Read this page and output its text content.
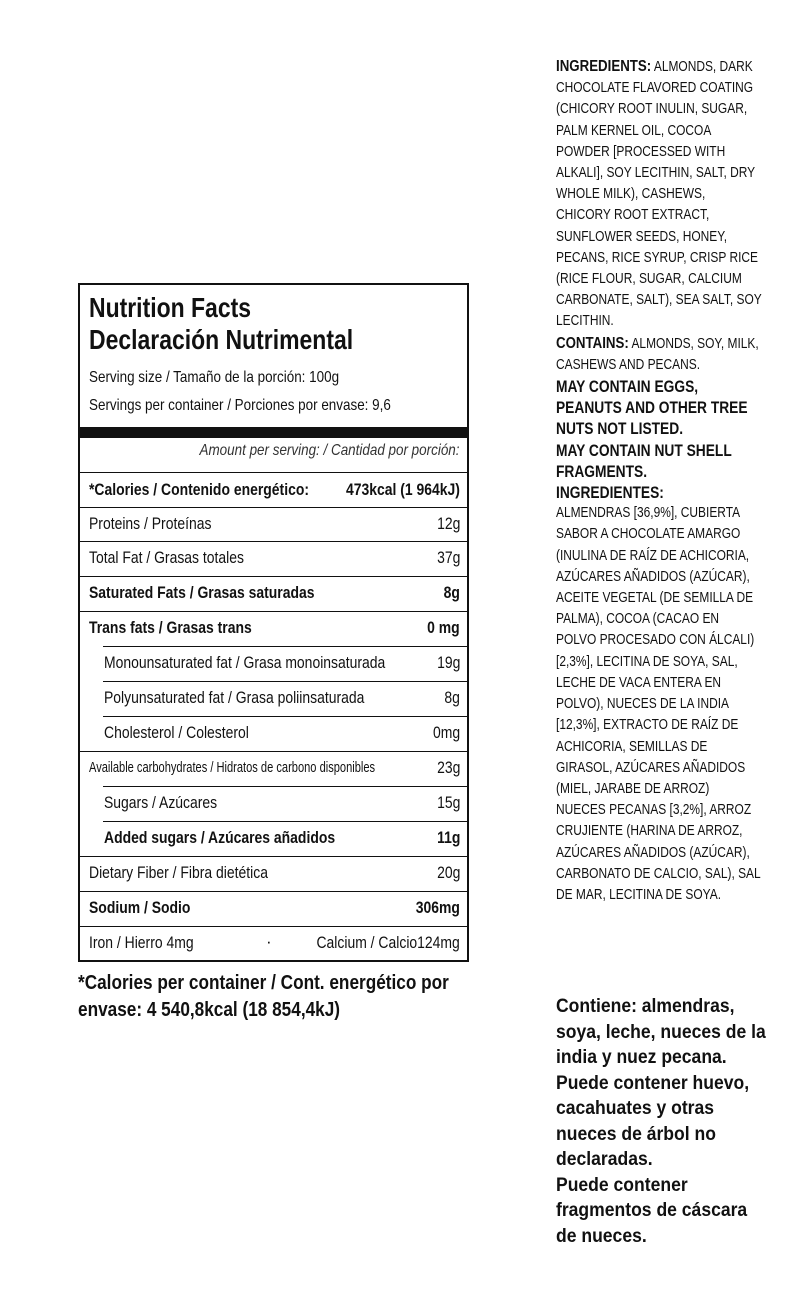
Nutrition Facts
Declaración Nutrimental
Serving size / Tamaño de la porción: 100g
Servings per container / Porciones por envase: 9,6
Amount per serving: / Cantidad por porción:
*Calories / Contenido energético: 473kcal (1 964kJ)
Proteins / Proteínas	12g
Total Fat / Grasas totales	37g
Saturated Fats / Grasas saturadas	8g
Trans fats / Grasas trans	0 mg
Monounsaturated fat / Grasa monoinsaturada	19g
Polyunsaturated fat / Grasa poliinsaturada	8g
Cholesterol / Colesterol	0mg
Available carbohydrates / Hidratos de carbono disponibles	23g
Sugars / Azúcares	15g
Added sugars / Azúcares añadidos	11g
Dietary Fiber / Fibra dietética	20g
Sodium / Sodio	306mg
Iron / Hierro 4mg	·	Calcium / Calcio124mg
*Calories per container / Cont. energético por envase: 4 540,8kcal (18 854,4kJ)
INGREDIENTS: ALMONDS, DARK CHOCOLATE FLAVORED COATING (CHICORY ROOT INULIN, SUGAR, PALM KERNEL OIL, COCOA POWDER [PROCESSED WITH ALKALI], SOY LECITHIN, SALT, DRY WHOLE MILK), CASHEWS, CHICORY ROOT EXTRACT, SUNFLOWER SEEDS, HONEY, PECANS, RICE SYRUP, CRISP RICE (RICE FLOUR, SUGAR, CALCIUM CARBONATE, SALT), SEA SALT, SOY LECITHIN.
CONTAINS: ALMONDS, SOY, MILK, CASHEWS AND PECANS.
MAY CONTAIN EGGS, PEANUTS AND OTHER TREE NUTS NOT LISTED.
MAY CONTAIN NUT SHELL FRAGMENTS.
INGREDIENTES:
ALMENDRAS [36,9%], CUBIERTA SABOR A CHOCOLATE AMARGO (INULINA DE RAÍZ DE ACHICORIA, AZÚCARES AÑADIDOS (AZÚCAR), ACEITE VEGETAL (DE SEMILLA DE PALMA), COCOA (CACAO EN POLVO PROCESADO CON ÁLCALI) [2,3%], LECITINA DE SOYA, SAL, LECHE DE VACA ENTERA EN POLVO), NUECES DE LA INDIA [12,3%], EXTRACTO DE RAÍZ DE ACHICORIA, SEMILLAS DE GIRASOL, AZÚCARES AÑADIDOS (MIEL, JARABE DE ARROZ) NUECES PECANAS [3,2%], ARROZ CRUJIENTE (HARINA DE ARROZ, AZÚCARES AÑADIDOS (AZÚCAR), CARBONATO DE CALCIO, SAL), SAL DE MAR, LECITINA DE SOYA.
Contiene: almendras, soya, leche, nueces de la india y nuez pecana.
Puede contener huevo, cacahuates y otras nueces de árbol no declaradas.
Puede contener fragmentos de cáscara de nueces.
